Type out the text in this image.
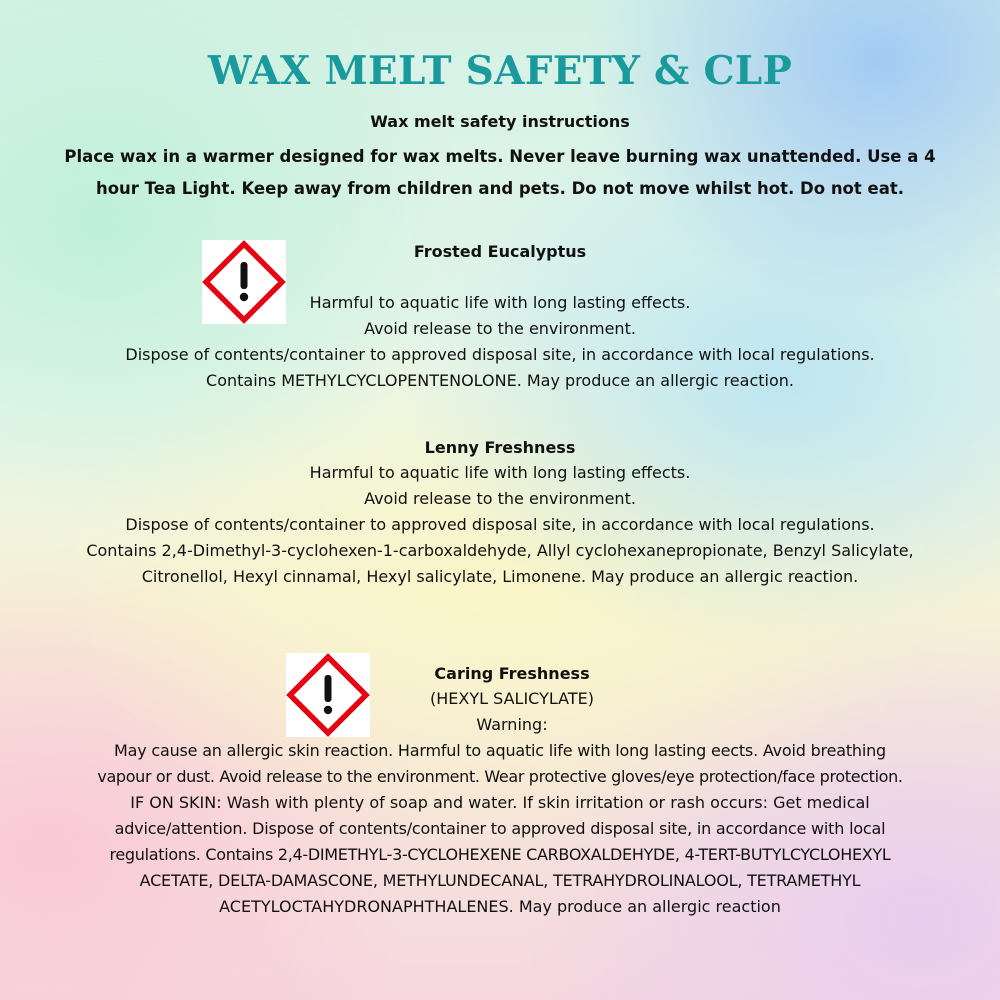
WAX MELT SAFETY & CLP
Wax melt safety instructions
Place wax in a warmer designed for wax melts. Never leave burning wax unattended. Use a 4
hour Tea Light. Keep away from children and pets. Do not move whilst hot. Do not eat.
Frosted Eucalyptus
Harmful to aquatic life with long lasting effects.
Avoid release to the environment.
Dispose of contents/container to approved disposal site, in accordance with local regulations.
Contains METHYLCYCLOPENTENOLONE. May produce an allergic reaction.
Lenny Freshness
Harmful to aquatic life with long lasting effects.
Avoid release to the environment.
Dispose of contents/container to approved disposal site, in accordance with local regulations.
Contains 2,4-Dimethyl-3-cyclohexen-1-carboxaldehyde, Allyl cyclohexanepropionate, Benzyl Salicylate,
Citronellol, Hexyl cinnamal, Hexyl salicylate, Limonene. May produce an allergic reaction.
Caring Freshness
(HEXYL SALICYLATE)
Warning:
May cause an allergic skin reaction. Harmful to aquatic life with long lasting eects. Avoid breathing
vapour or dust. Avoid release to the environment. Wear protective gloves/eye protection/face protection.
IF ON SKIN: Wash with plenty of soap and water. If skin irritation or rash occurs: Get medical
advice/attention. Dispose of contents/container to approved disposal site, in accordance with local
regulations. Contains 2,4-DIMETHYL-3-CYCLOHEXENE CARBOXALDEHYDE, 4-TERT-BUTYLCYCLOHEXYL
ACETATE, DELTA-DAMASCONE, METHYLUNDECANAL, TETRAHYDROLINALOOL, TETRAMETHYL
ACETYLOCTAHYDRONAPHTHALENES. May produce an allergic reaction
